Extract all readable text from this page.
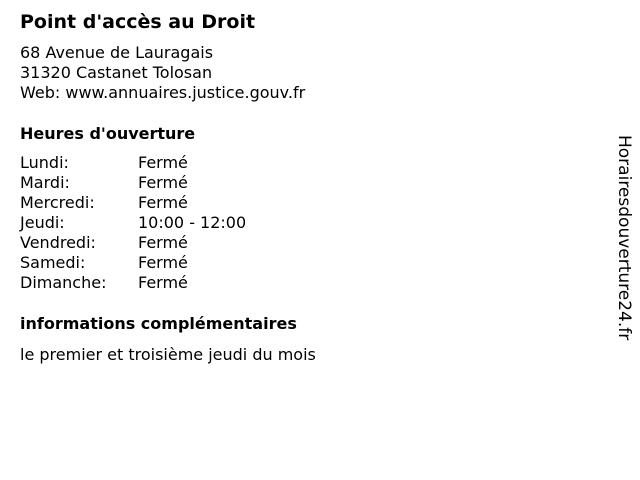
Point d'accès au Droit
68 Avenue de Lauragais
31320 Castanet Tolosan
Web: www.annuaires.justice.gouv.fr
Heures d'ouverture
Lundi:	Fermé
Mardi:	Fermé
Mercredi:	Fermé
Jeudi:	10:00 - 12:00
Vendredi:	Fermé
Samedi:	Fermé
Dimanche: Fermé
informations complémentaires
le premier et troisième jeudi du mois
Horairesdouverture24.fr
